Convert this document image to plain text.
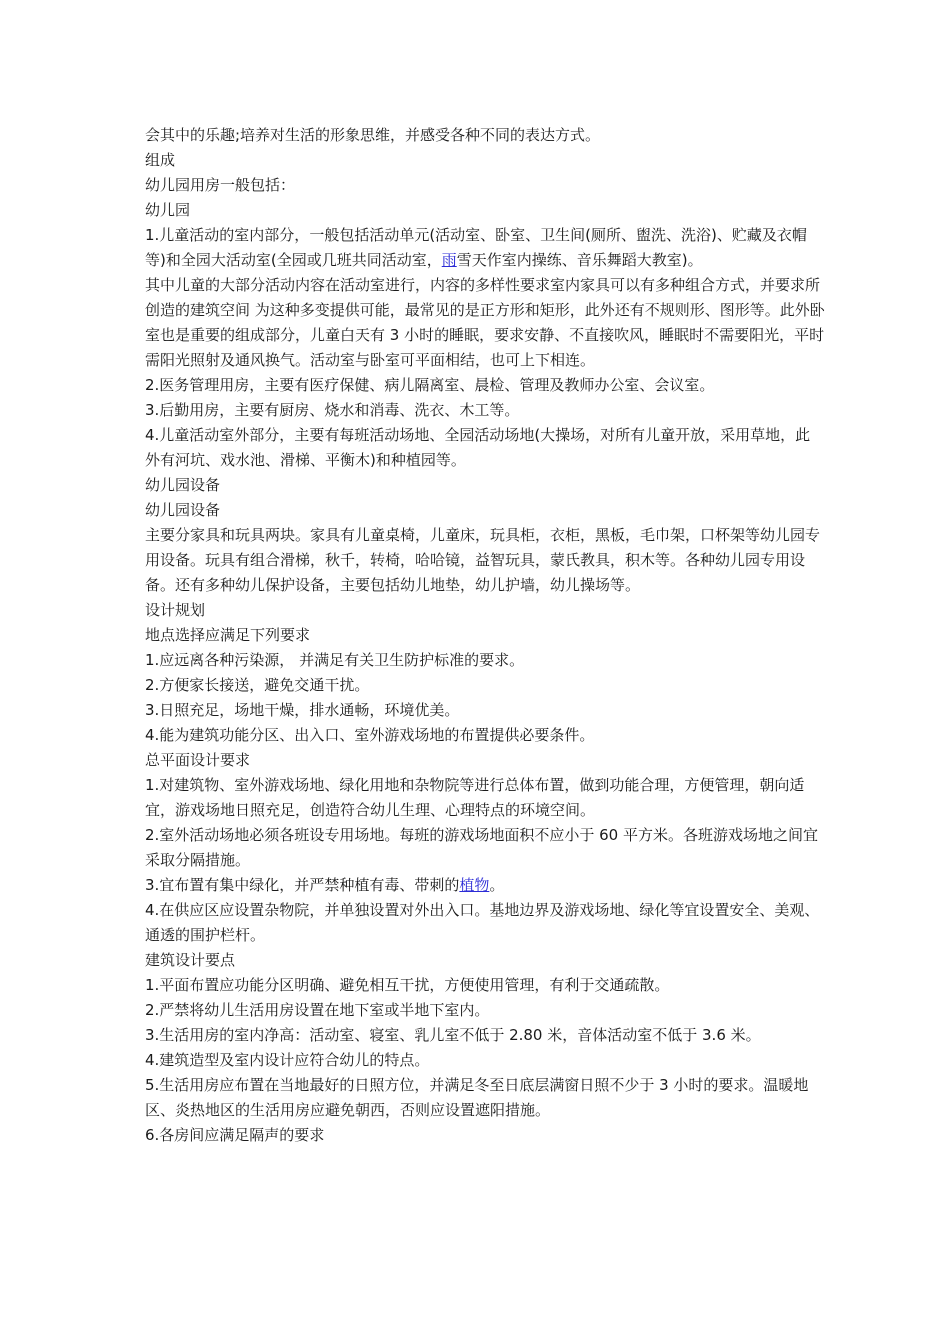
会其中的乐趣;培养对生活的形象思维，并感受各种不同的表达方式。

组成

幼儿园用房一般包括：

幼儿园

1.儿童活动的室内部分，一般包括活动单元(活动室、卧室、卫生间(厕所、盥洗、洗浴)、贮藏及衣帽等)和全园大活动室(全园或几班共同活动室，雨雪天作室内操练、音乐舞蹈大教室)。

其中儿童的大部分活动内容在活动室进行，内容的多样性要求室内家具可以有多种组合方式，并要求所创造的建筑空间 为这种多变提供可能，最常见的是正方形和矩形，此外还有不规则形、图形等。此外卧室也是重要的组成部分，儿童白天有 3 小时的睡眠，要求安静、不直接吹风，睡眠时不需要阳光，平时需阳光照射及通风换气。活动室与卧室可平面相结，也可上下相连。

2.医务管理用房，主要有医疗保健、病儿隔离室、晨检、管理及教师办公室、会议室。

3.后勤用房，主要有厨房、烧水和消毒、洗衣、木工等。

4.儿童活动室外部分，主要有每班活动场地、全园活动场地(大操场，对所有儿童开放，采用草地，此外有河坑、戏水池、滑梯、平衡木)和种植园等。

幼儿园设备

幼儿园设备

主要分家具和玩具两块。家具有儿童桌椅，儿童床，玩具柜，衣柜，黑板，毛巾架，口杯架等幼儿园专用设备。玩具有组合滑梯，秋千，转椅，哈哈镜，益智玩具，蒙氏教具，积木等。各种幼儿园专用设备。还有多种幼儿保护设备，主要包括幼儿地垫，幼儿护墙，幼儿操场等。

设计规划

地点选择应满足下列要求

1.应远离各种污染源， 并满足有关卫生防护标准的要求。

2.方便家长接送，避免交通干扰。

3.日照充足，场地干燥，排水通畅，环境优美。

4.能为建筑功能分区、出入口、室外游戏场地的布置提供必要条件。

总平面设计要求

1.对建筑物、室外游戏场地、绿化用地和杂物院等进行总体布置，做到功能合理，方便管理，朝向适宜，游戏场地日照充足，创造符合幼儿生理、心理特点的环境空间。

2.室外活动场地必须各班设专用场地。每班的游戏场地面积不应小于 60 平方米。各班游戏场地之间宜采取分隔措施。

3.宜布置有集中绿化，并严禁种植有毒、带刺的植物。

4.在供应区应设置杂物院，并单独设置对外出入口。基地边界及游戏场地、绿化等宜设置安全、美观、通透的围护栏杆。

建筑设计要点

1.平面布置应功能分区明确、避免相互干扰，方便使用管理，有利于交通疏散。

2.严禁将幼儿生活用房设置在地下室或半地下室内。

3.生活用房的室内净高：活动室、寝室、乳儿室不低于 2.80 米，音体活动室不低于 3.6 米。

4.建筑造型及室内设计应符合幼儿的特点。

5.生活用房应布置在当地最好的日照方位，并满足冬至日底层满窗日照不少于 3 小时的要求。温暖地区、炎热地区的生活用房应避免朝西，否则应设置遮阳措施。

6.各房间应满足隔声的要求
